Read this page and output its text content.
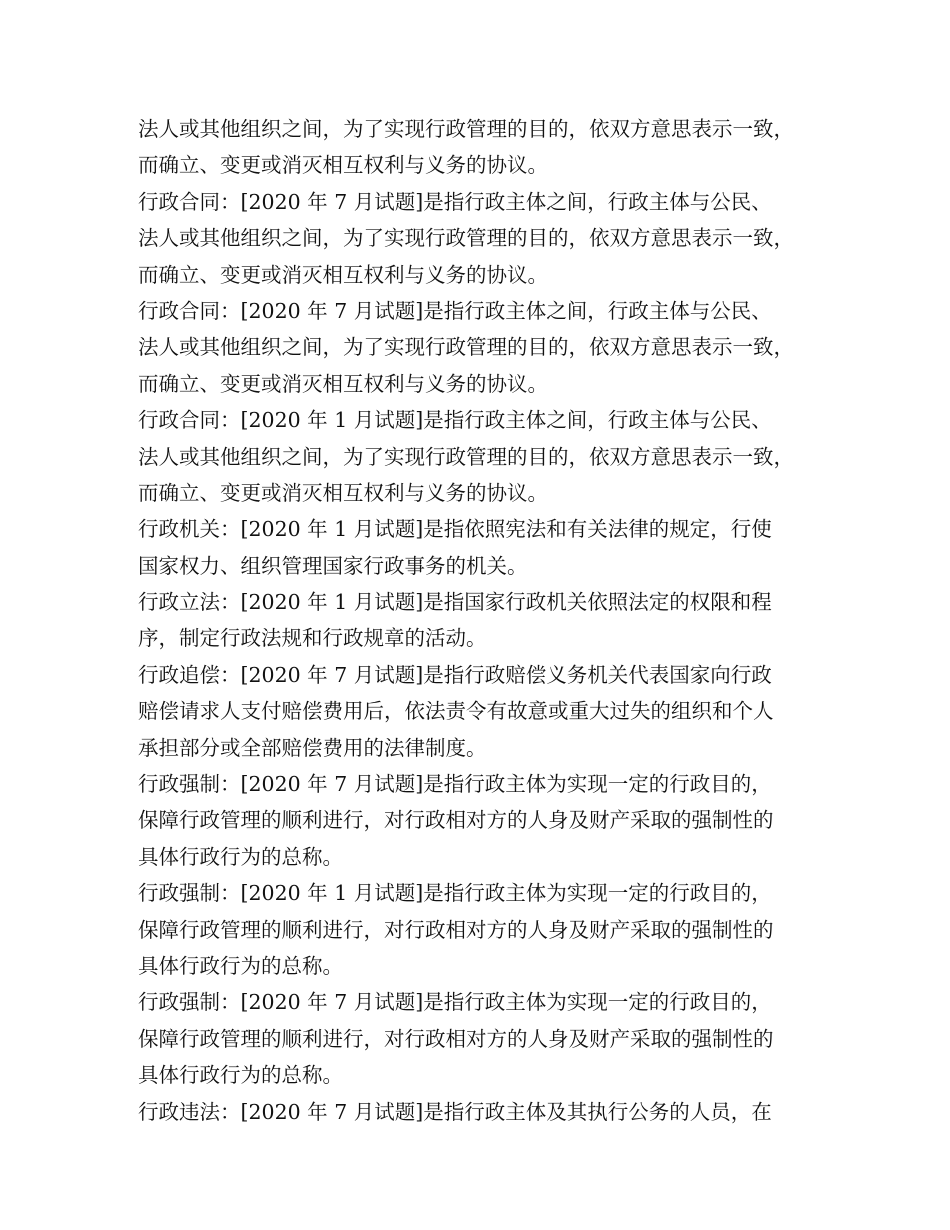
法人或其他组织之间，为了实现行政管理的目的，依双方意思表示一致，
而确立、变更或消灭相互权利与义务的协议。
行政合同：[2020 年 7 月试题]是指行政主体之间，行政主体与公民、
法人或其他组织之间，为了实现行政管理的目的，依双方意思表示一致，
而确立、变更或消灭相互权利与义务的协议。
行政合同：[2020 年 7 月试题]是指行政主体之间，行政主体与公民、
法人或其他组织之间，为了实现行政管理的目的，依双方意思表示一致，
而确立、变更或消灭相互权利与义务的协议。
行政合同：[2020 年 1 月试题]是指行政主体之间，行政主体与公民、
法人或其他组织之间，为了实现行政管理的目的，依双方意思表示一致，
而确立、变更或消灭相互权利与义务的协议。
行政机关：[2020 年 1 月试题]是指依照宪法和有关法律的规定，行使
国家权力、组织管理国家行政事务的机关。
行政立法：[2020 年 1 月试题]是指国家行政机关依照法定的权限和程
序，制定行政法规和行政规章的活动。
行政追偿：[2020 年 7 月试题]是指行政赔偿义务机关代表国家向行政
赔偿请求人支付赔偿费用后，依法责令有故意或重大过失的组织和个人
承担部分或全部赔偿费用的法律制度。
行政强制：[2020 年 7 月试题]是指行政主体为实现一定的行政目的，
保障行政管理的顺利进行，对行政相对方的人身及财产采取的强制性的
具体行政行为的总称。
行政强制：[2020 年 1 月试题]是指行政主体为实现一定的行政目的，
保障行政管理的顺利进行，对行政相对方的人身及财产采取的强制性的
具体行政行为的总称。
行政强制：[2020 年 7 月试题]是指行政主体为实现一定的行政目的，
保障行政管理的顺利进行，对行政相对方的人身及财产采取的强制性的
具体行政行为的总称。
行政违法：[2020 年 7 月试题]是指行政主体及其执行公务的人员，在
